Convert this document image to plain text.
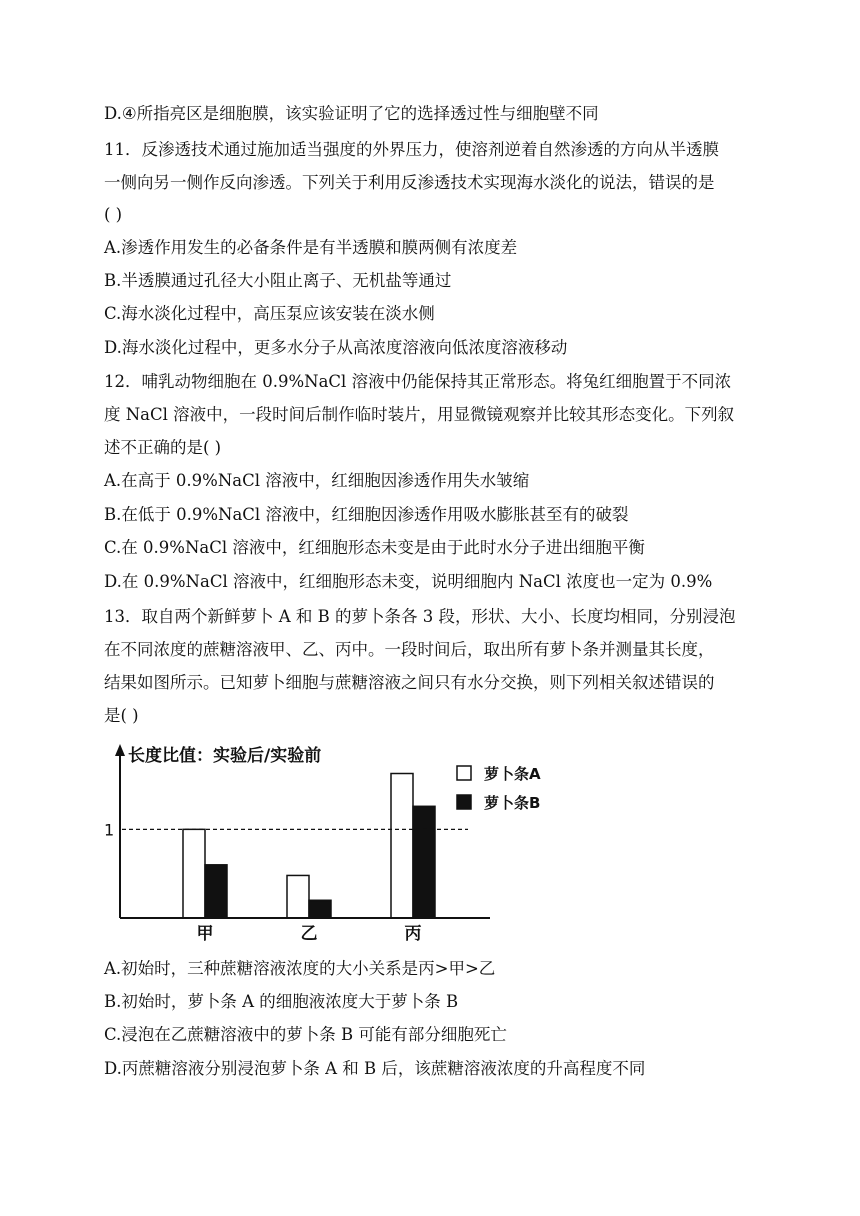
D.④所指亮区是细胞膜，该实验证明了它的选择透过性与细胞壁不同
11．反渗透技术通过施加适当强度的外界压力，使溶剂逆着自然渗透的方向从半透膜
一侧向另一侧作反向渗透。下列关于利用反渗透技术实现海水淡化的说法，错误的是
( )
A.渗透作用发生的必备条件是有半透膜和膜两侧有浓度差
B.半透膜通过孔径大小阻止离子、无机盐等通过
C.海水淡化过程中，高压泵应该安装在淡水侧
D.海水淡化过程中，更多水分子从高浓度溶液向低浓度溶液移动
12．哺乳动物细胞在 0.9%NaCl 溶液中仍能保持其正常形态。将兔红细胞置于不同浓
度 NaCl 溶液中，一段时间后制作临时装片，用显微镜观察并比较其形态变化。下列叙
述不正确的是( )
A.在高于 0.9%NaCl 溶液中，红细胞因渗透作用失水皱缩
B.在低于 0.9%NaCl 溶液中，红细胞因渗透作用吸水膨胀甚至有的破裂
C.在 0.9%NaCl 溶液中，红细胞形态未变是由于此时水分子进出细胞平衡
D.在 0.9%NaCl 溶液中，红细胞形态未变，说明细胞内 NaCl 浓度也一定为 0.9%
13．取自两个新鲜萝卜 A 和 B 的萝卜条各 3 段，形状、大小、长度均相同，分别浸泡
在不同浓度的蔗糖溶液甲、乙、丙中。一段时间后，取出所有萝卜条并测量其长度，
结果如图所示。已知萝卜细胞与蔗糖溶液之间只有水分交换，则下列相关叙述错误的
是( )
1
长度比值：实验后/实验前
萝卜条A
萝卜条B
甲	乙	丙
A.初始时，三种蔗糖溶液浓度的大小关系是丙>甲>乙
B.初始时，萝卜条 A 的细胞液浓度大于萝卜条 B
C.浸泡在乙蔗糖溶液中的萝卜条 B 可能有部分细胞死亡
D.丙蔗糖溶液分别浸泡萝卜条 A 和 B 后，该蔗糖溶液浓度的升高程度不同
